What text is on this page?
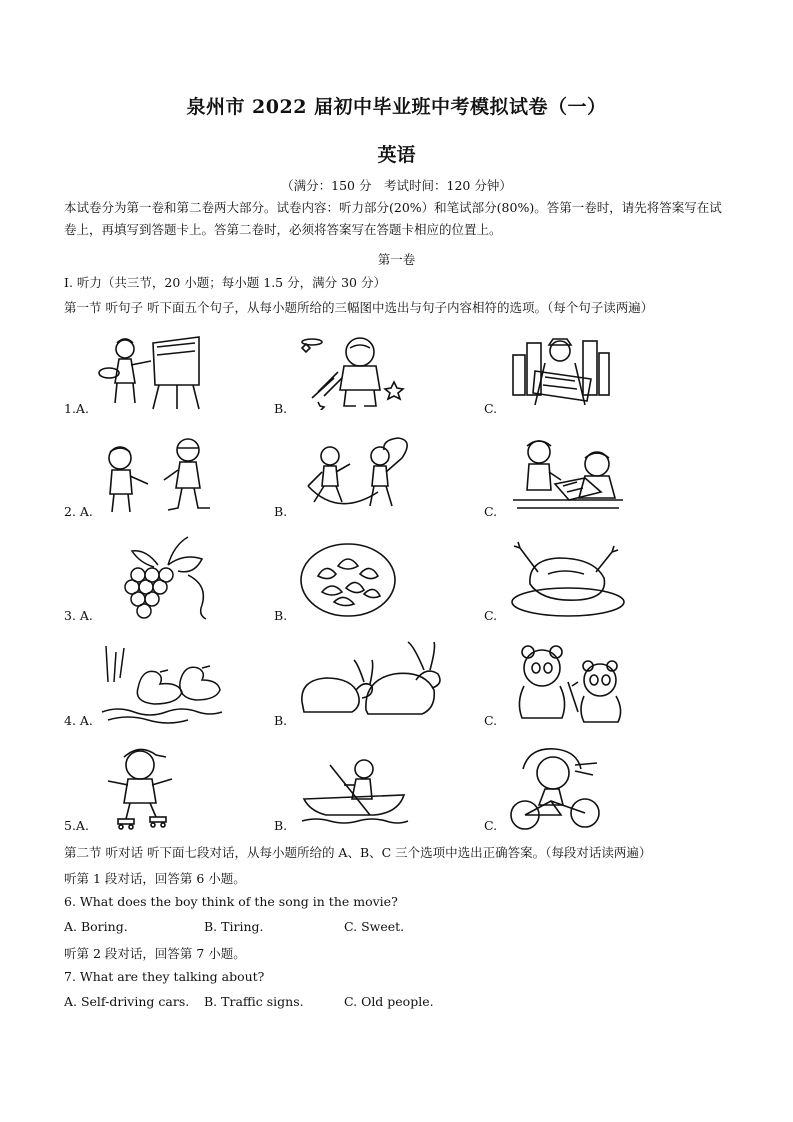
泉州市 2022 届初中毕业班中考模拟试卷（一）
英语
（满分：150 分　考试时间：120 分钟）
本试卷分为第一卷和第二卷两大部分。试卷内容：听力部分(20%）和笔试部分(80%)。答第一卷时，请先将答案写在试卷上，再填写到答题卡上。答第二卷时，必须将答案写在答题卡相应的位置上。
第一卷
I. 听力（共三节，20 小题；每小题 1.5 分，满分 30 分）
第一节 听句子 听下面五个句子，从每小题所给的三幅图中选出与句子内容相符的选项。（每个句子读两遍）
1.A.	B.	C.
2. A.	B.	C.
3. A.	B.	C.
4. A.	B.	C.
5.A.	B.	C.
第二节 听对话 听下面七段对话，从每小题所给的 A、B、C 三个选项中选出正确答案。（每段对话读两遍）
听第 1 段对话，回答第 6 小题。
6. What does the boy think of the song in the movie?
A. Boring.	B. Tiring.	C. Sweet.
听第 2 段对话，回答第 7 小题。
7. What are they talking about?
A. Self-driving cars. B. Traffic signs.	C. Old people.
